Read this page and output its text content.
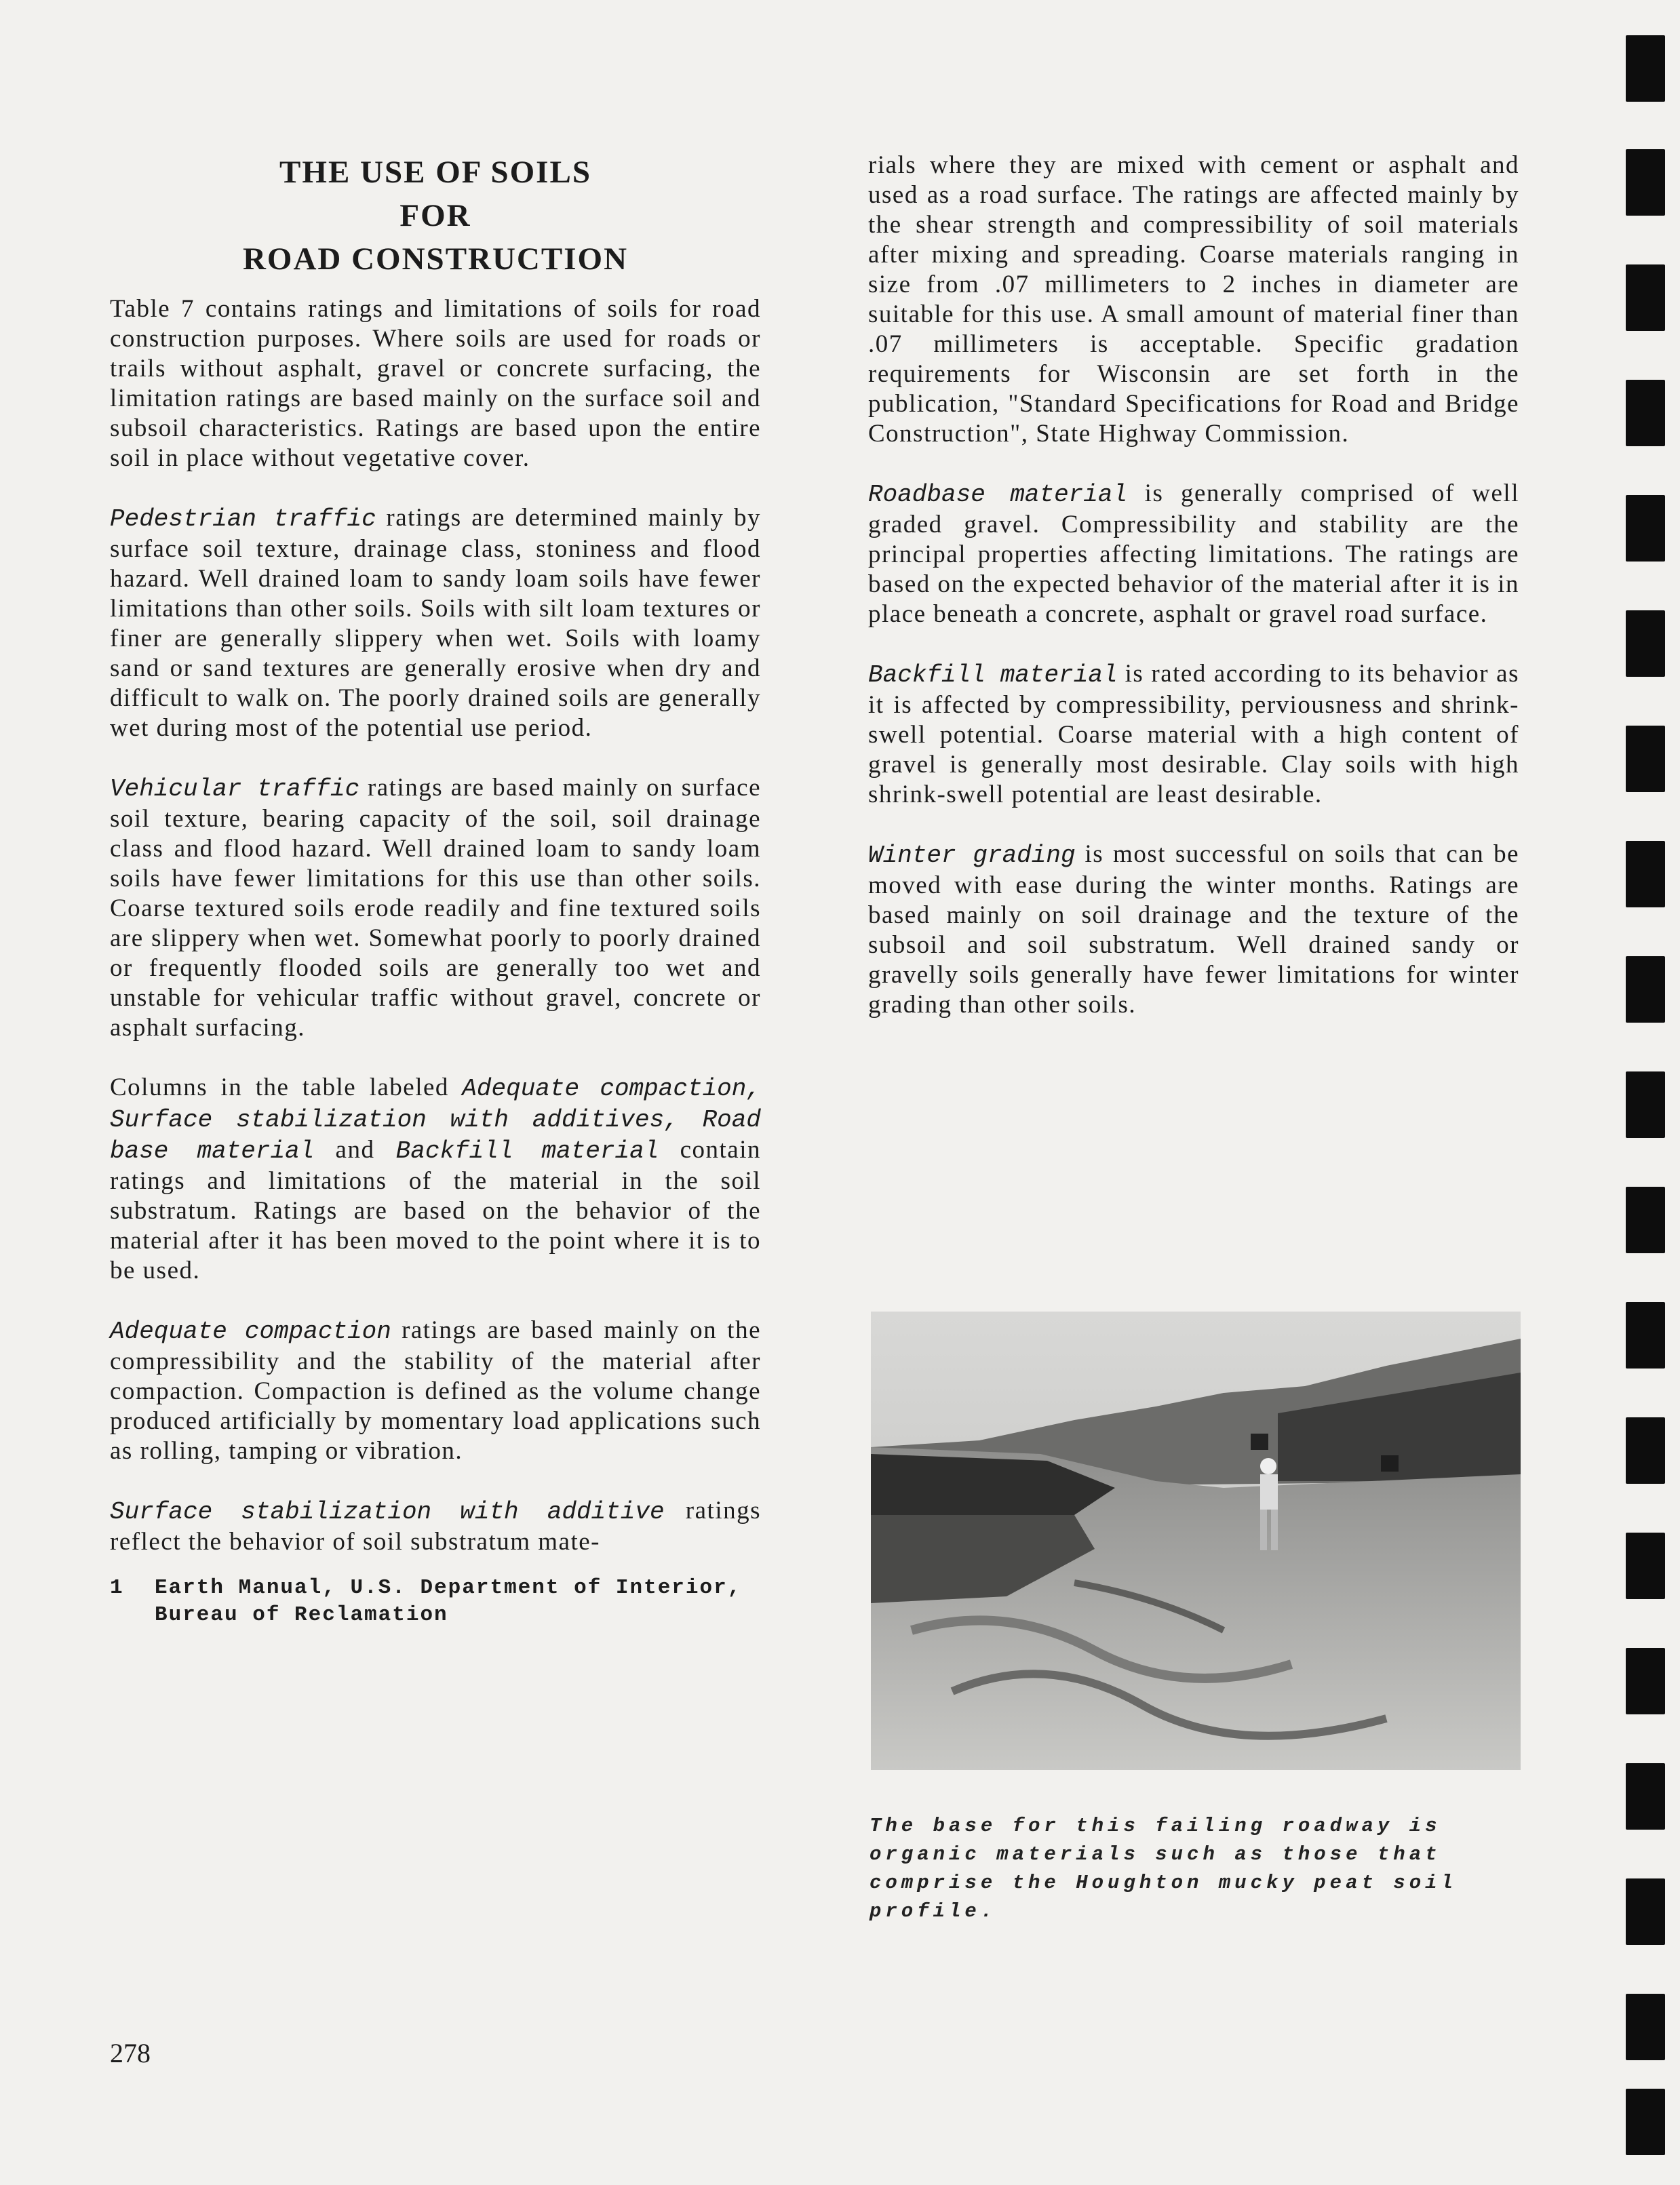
THE USE OF SOILS
FOR
ROAD CONSTRUCTION

Table 7 contains ratings and limitations of soils for road construction purposes. Where soils are used for roads or trails without asphalt, gravel or concrete surfacing, the limitation ratings are based mainly on the surface soil and subsoil characteristics. Ratings are based upon the entire soil in place without vegetative cover.

Pedestrian traffic ratings are determined mainly by surface soil texture, drainage class, stoniness and flood hazard. Well drained loam to sandy loam soils have fewer limitations than other soils. Soils with silt loam textures or finer are generally slippery when wet. Soils with loamy sand or sand textures are generally erosive when dry and difficult to walk on. The poorly drained soils are generally wet during most of the potential use period.

Vehicular traffic ratings are based mainly on surface soil texture, bearing capacity of the soil, soil drainage class and flood hazard. Well drained loam to sandy loam soils have fewer limitations for this use than other soils. Coarse textured soils erode readily and fine textured soils are slippery when wet. Somewhat poorly to poorly drained or frequently flooded soils are generally too wet and unstable for vehicular traffic without gravel, concrete or asphalt surfacing.

Columns in the table labeled Adequate compaction, Surface stabilization with additives, Road base material and Backfill material contain ratings and limitations of the material in the soil substratum. Ratings are based on the behavior of the material after it has been moved to the point where it is to be used.

Adequate compaction ratings are based mainly on the compressibility and the stability of the material after compaction. Compaction is defined as the volume change produced artificially by momentary load applications such as rolling, tamping or vibration.

Surface stabilization with additive ratings reflect the behavior of soil substratum mate-

1	Earth Manual, U.S. Department of Interior, Bureau of Reclamation

rials where they are mixed with cement or asphalt and used as a road surface. The ratings are affected mainly by the shear strength and compressibility of soil materials after mixing and spreading. Coarse materials ranging in size from .07 millimeters to 2 inches in diameter are suitable for this use. A small amount of material finer than .07 millimeters is acceptable. Specific gradation requirements for Wisconsin are set forth in the publication, "Standard Specifications for Road and Bridge Construction", State Highway Commission.

Roadbase material is generally comprised of well graded gravel. Compressibility and stability are the principal properties affecting limitations. The ratings are based on the expected behavior of the material after it is in place beneath a concrete, asphalt or gravel road surface.

Backfill material is rated according to its behavior as it is affected by compressibility, perviousness and shrink-swell potential. Coarse material with a high content of gravel is generally most desirable. Clay soils with high shrink-swell potential are least desirable.

Winter grading is most successful on soils that can be moved with ease during the winter months. Ratings are based mainly on soil drainage and the texture of the subsoil and soil substratum. Well drained sandy or gravelly soils generally have fewer limitations for winter grading than other soils.

The base for this failing roadway is organic materials such as those that comprise the Houghton mucky peat soil profile.
278
